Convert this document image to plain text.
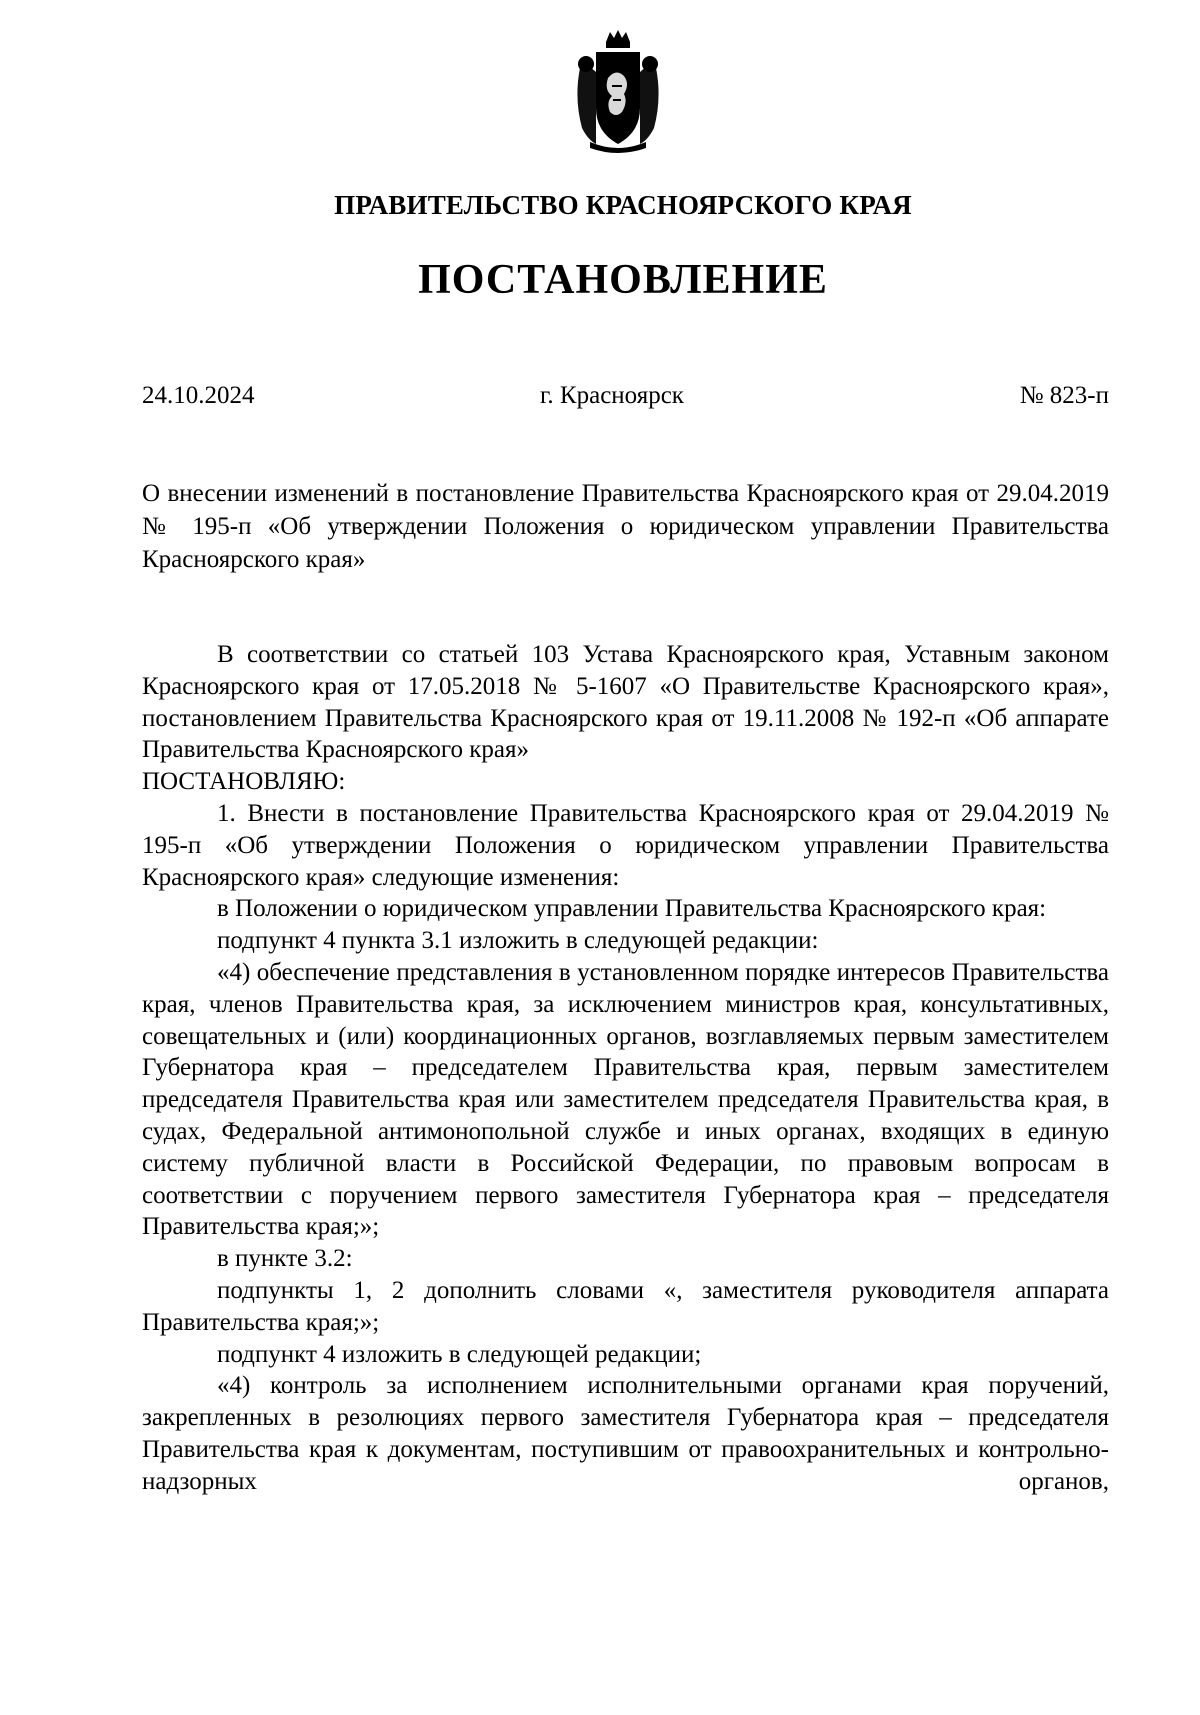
ПРАВИТЕЛЬСТВО КРАСНОЯРСКОГО КРАЯ
ПОСТАНОВЛЕНИЕ
24.10.2024	г. Красноярск	№ 823-п
О внесении изменений в постановление Правительства Красноярского края от 29.04.2019 № 195-п «Об утверждении Положения о юридическом управлении Правительства Красноярского края»

В соответствии со статьей 103 Устава Красноярского края, Уставным законом Красноярского края от 17.05.2018 № 5-1607 «О Правительстве Красноярского края», постановлением Правительства Красноярского края от 19.11.2008 № 192-п «Об аппарате Правительства Красноярского края»

ПОСТАНОВЛЯЮ:

1. Внести в постановление Правительства Красноярского края от 29.04.2019 № 195-п «Об утверждении Положения о юридическом управлении Правительства Красноярского края» следующие изменения:

в Положении о юридическом управлении Правительства Красноярского края:

подпункт 4 пункта 3.1 изложить в следующей редакции:

«4) обеспечение представления в установленном порядке интересов Правительства края, членов Правительства края, за исключением министров края, консультативных, совещательных и (или) координационных органов, возглавляемых первым заместителем Губернатора края – председателем Правительства края, первым заместителем председателя Правительства края или заместителем председателя Правительства края, в судах, Федеральной антимонопольной службе и иных органах, входящих в единую систему публичной власти в Российской Федерации, по правовым вопросам в соответствии с поручением первого заместителя Губернатора края – председателя Правительства края;»;

в пункте 3.2:

подпункты 1, 2 дополнить словами «, заместителя руководителя аппарата Правительства края;»;

подпункт 4 изложить в следующей редакции;

«4) контроль за исполнением исполнительными органами края поручений, закрепленных в резолюциях первого заместителя Губернатора края – председателя Правительства края к документам, поступившим от правоохранительных и контрольно-надзорных органов,
